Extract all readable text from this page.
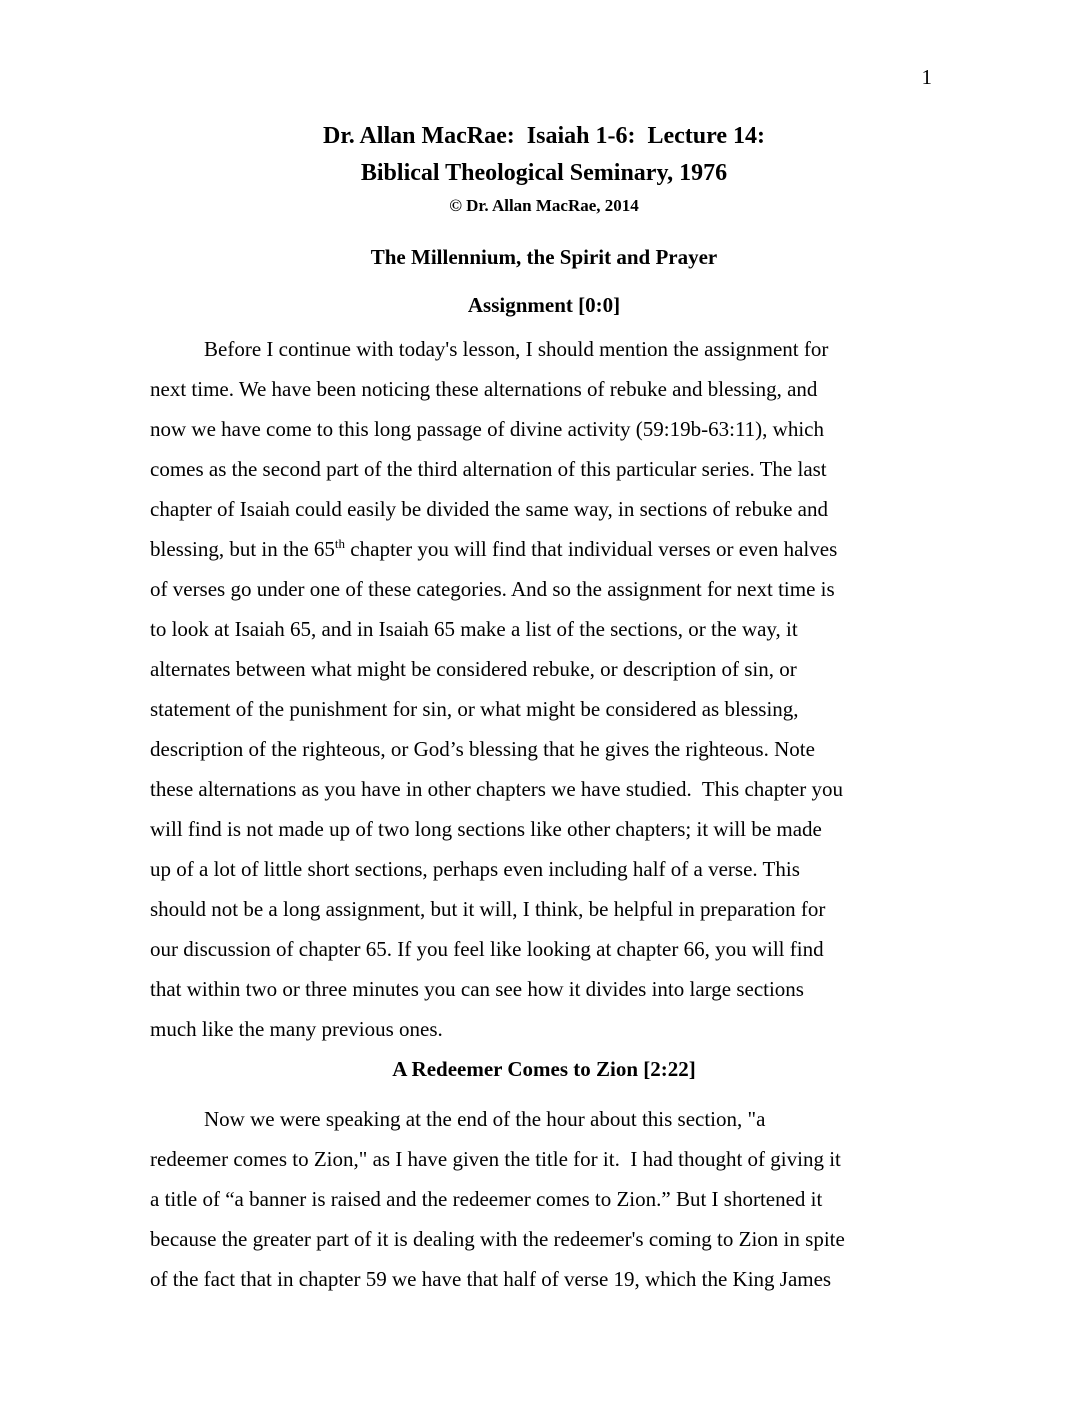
1
Dr. Allan MacRae:  Isaiah 1-6:  Lecture 14:
Biblical Theological Seminary, 1976
© Dr. Allan MacRae, 2014
The Millennium, the Spirit and Prayer
Assignment [0:0]
Before I continue with today's lesson, I should mention the assignment for
next time. We have been noticing these alternations of rebuke and blessing, and
now we have come to this long passage of divine activity (59:19b-63:11), which
comes as the second part of the third alternation of this particular series. The last
chapter of Isaiah could easily be divided the same way, in sections of rebuke and
blessing, but in the 65th chapter you will find that individual verses or even halves
of verses go under one of these categories. And so the assignment for next time is
to look at Isaiah 65, and in Isaiah 65 make a list of the sections, or the way, it
alternates between what might be considered rebuke, or description of sin, or
statement of the punishment for sin, or what might be considered as blessing,
description of the righteous, or God’s blessing that he gives the righteous. Note
these alternations as you have in other chapters we have studied.  This chapter you
will find is not made up of two long sections like other chapters; it will be made
up of a lot of little short sections, perhaps even including half of a verse. This
should not be a long assignment, but it will, I think, be helpful in preparation for
our discussion of chapter 65. If you feel like looking at chapter 66, you will find
that within two or three minutes you can see how it divides into large sections
much like the many previous ones.
A Redeemer Comes to Zion [2:22]
Now we were speaking at the end of the hour about this section, "a
redeemer comes to Zion," as I have given the title for it.  I had thought of giving it
a title of “a banner is raised and the redeemer comes to Zion.” But I shortened it
because the greater part of it is dealing with the redeemer's coming to Zion in spite
of the fact that in chapter 59 we have that half of verse 19, which the King James
